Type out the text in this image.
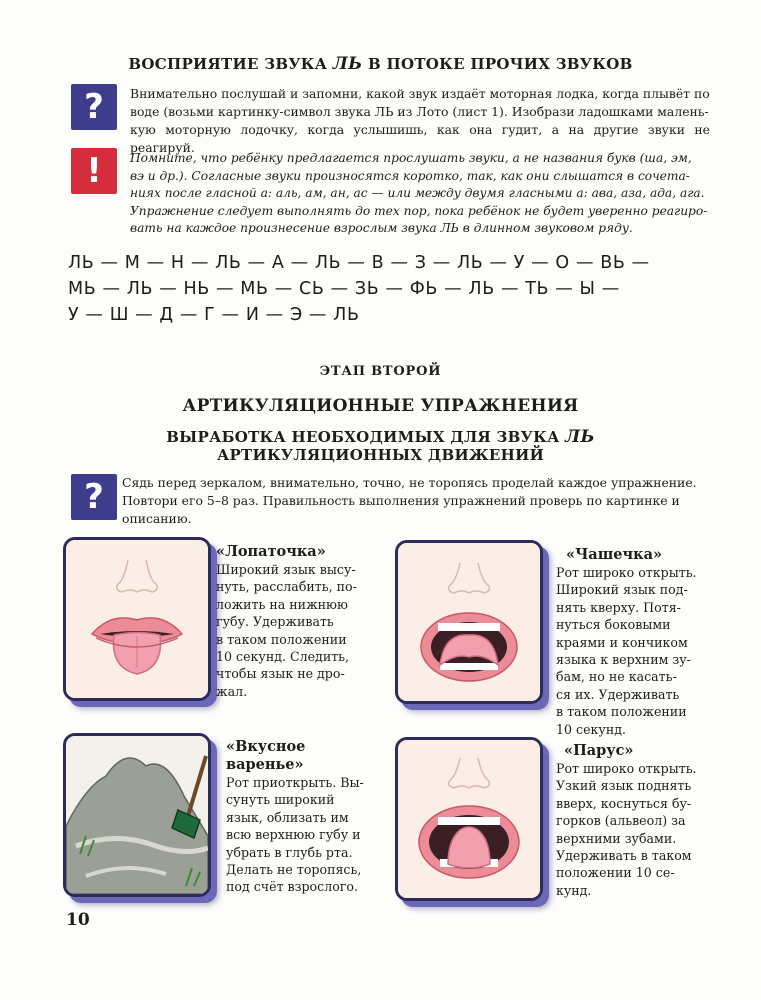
ВОСПРИЯТИЕ ЗВУКА ЛЬ В ПОТОКЕ ПРОЧИХ ЗВУКОВ
?	Внимательно послушай и запомни, какой звук издаёт моторная лодка, когда плывёт по
воде (возьми картинку-символ звука ЛЬ из Лото (лист 1). Изобрази ладошками малень-
кую моторную лодочку, когда услышишь, как она гудит, а на другие звуки не реагируй.
!	Помните, что ребёнку предлагается прослушать звуки, а не названия букв (ша, эм,
вэ и др.). Согласные звуки произносятся коротко, так, как они слышатся в сочета-
ниях после гласной а: аль, ам, ан, ас — или между двумя гласными а: ава, аза, ада, ага.
Упражнение следует выполнять до тех пор, пока ребёнок не будет уверенно реагиро-
вать на каждое произнесение взрослым звука ЛЬ в длинном звуковом ряду.
ЛЬ — М — Н — ЛЬ — А — ЛЬ — В — З — ЛЬ — У — О — ВЬ —
МЬ — ЛЬ — НЬ — МЬ — СЬ — ЗЬ — ФЬ — ЛЬ — ТЬ — Ы —
У — Ш — Д — Г — И — Э — ЛЬ
ЭТАП ВТОРОЙ
АРТИКУЛЯЦИОННЫЕ УПРАЖНЕНИЯ
ВЫРАБОТКА НЕОБХОДИМЫХ ДЛЯ ЗВУКА ЛЬ
АРТИКУЛЯЦИОННЫХ ДВИЖЕНИЙ
?	Сядь перед зеркалом, внимательно, точно, не торопясь проделай каждое упражнение.
Повтори его 5–8 раз. Правильность выполнения упражнений проверь по картинке и
описанию.
«Лопаточка»
Широкий язык высу-
нуть, расслабить, по-
ложить на нижнюю
губу. Удерживать
в таком положении
10 секунд. Следить,
чтобы язык не дро-
жал.
«Чашечка»
Рот широко открыть.
Широкий язык под-
нять кверху. Потя-
нуться боковыми
краями и кончиком
языка к верхним зу-
бам, но не касать-
ся их. Удерживать
в таком положении
10 секунд.
«Вкусное
варенье»
Рот приоткрыть. Вы-
сунуть широкий
язык, облизать им
всю верхнюю губу и
убрать в глубь рта.
Делать не торопясь,
под счёт взрослого.
«Парус»
Рот широко открыть.
Узкий язык поднять
вверх, коснуться бу-
горков (альвеол) за
верхними зубами.
Удерживать в таком
положении 10 се-
кунд.
10
